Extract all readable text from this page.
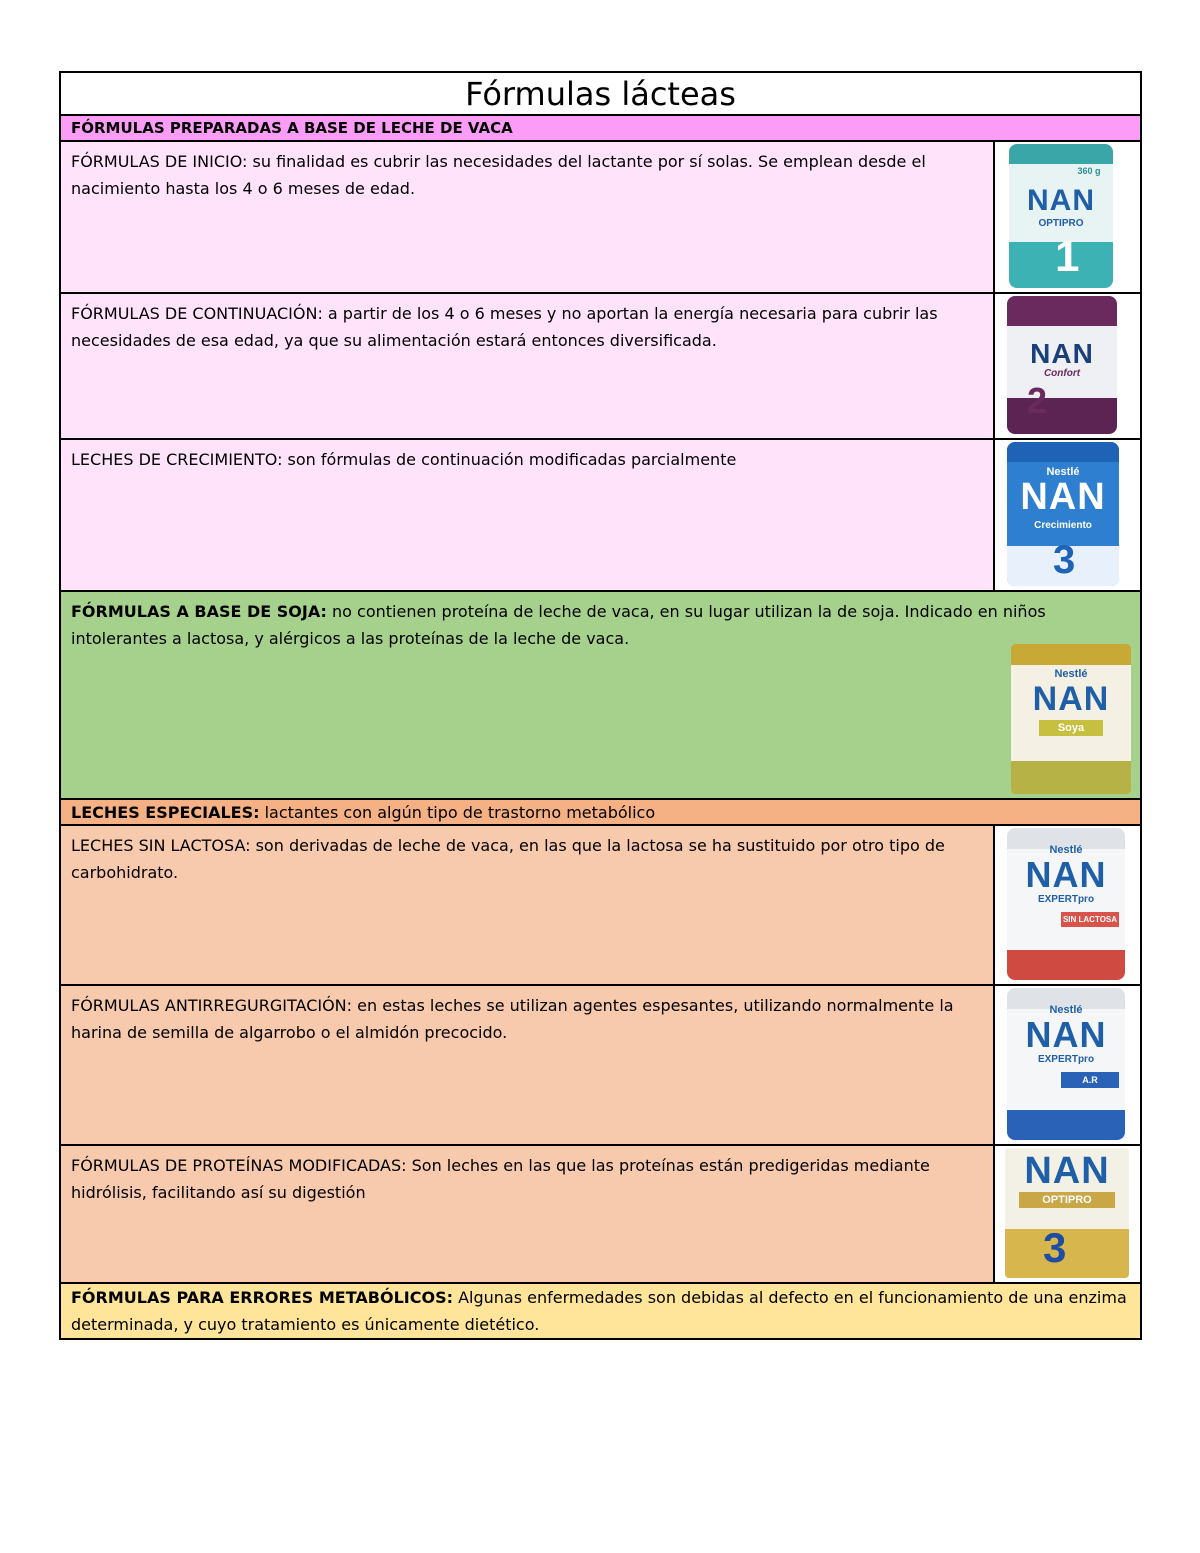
Fórmulas lácteas
FÓRMULAS PREPARADAS A BASE DE LECHE DE VACA
FÓRMULAS DE INICIO: su finalidad es cubrir las necesidades del lactante por sí solas. Se emplean desde el nacimiento hasta los 4 o 6 meses de edad.	NAN
OPTIPRO
360 g
1
FÓRMULAS DE CONTINUACIÓN: a partir de los 4 o 6 meses y no aportan la energía necesaria para cubrir las necesidades de esa edad, ya que su alimentación estará entonces diversificada.	NAN
Confort
2
LECHES DE CRECIMIENTO: son fórmulas de continuación modificadas parcialmente
Nestlé
NAN
Crecimiento
3
FÓRMULAS A BASE DE SOJA: no contienen proteína de leche de vaca, en su lugar utilizan la de soja. Indicado en niños intolerantes a lactosa, y alérgicos a las proteínas de la leche de vaca.
Nestlé
NAN
Soya
LECHES ESPECIALES: lactantes con algún tipo de trastorno metabólico
LECHES SIN LACTOSA: son derivadas de leche de vaca, en las que la lactosa se ha sustituido por otro tipo de carbohidrato.
Nestlé
NAN
EXPERTpro
SIN LACTOSA
FÓRMULAS ANTIRREGURGITACIÓN: en estas leches se utilizan agentes espesantes, utilizando normalmente la harina de semilla de algarrobo o el almidón precocido.
Nestlé
NAN
EXPERTpro
A.R
FÓRMULAS DE PROTEÍNAS MODIFICADAS: Son leches en las que las proteínas están predigeridas mediante hidrólisis, facilitando así su digestión
NAN
OPTIPRO
3
FÓRMULAS PARA ERRORES METABÓLICOS: Algunas enfermedades son debidas al defecto en el funcionamiento de una enzima determinada, y cuyo tratamiento es únicamente dietético.
